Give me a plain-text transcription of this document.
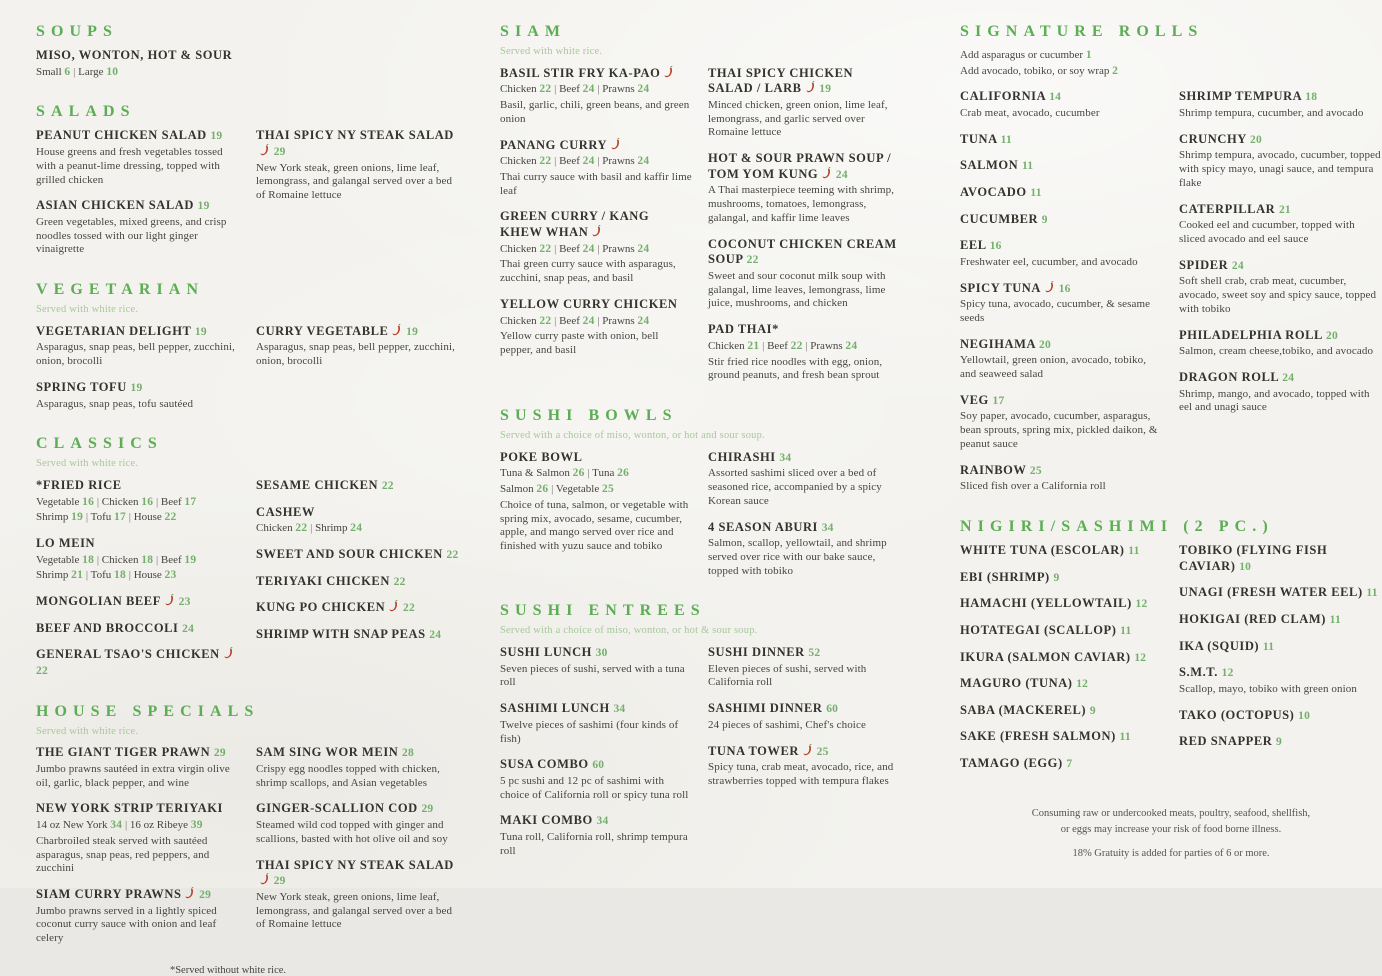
SOUPS
MISO, WONTON, HOT & SOUR

Small 6 | Large 10

SALADS
PEANUT CHICKEN SALAD 19

House greens and fresh vegetables tossed with a peanut-lime dressing, topped with grilled chicken

ASIAN CHICKEN SALAD 19

Green vegetables, mixed greens, and crisp noodles tossed with our light ginger vinaigrette

THAI SPICY NY STEAK SALAD 29

New York steak, green onions, lime leaf, lemongrass, and galangal served over a bed of Romaine lettuce

VEGETARIAN

Served with white rice.

VEGETARIAN DELIGHT 19

Asparagus, snap peas, bell pepper, zucchini, onion, brocolli

SPRING TOFU 19

Asparagus, snap peas, tofu sautéed

CURRY VEGETABLE 19

Asparagus, snap peas, bell pepper, zucchini, onion, brocolli

CLASSICS

Served with white rice.

*FRIED RICE

Vegetable 16 | Chicken 16 | Beef 17

Shrimp 19 | Tofu 17 | House 22

LO MEIN

Vegetable 18 | Chicken 18 | Beef 19

Shrimp 21 | Tofu 18 | House 23

MONGOLIAN BEEF 23
BEEF AND BROCCOLI 24
GENERAL TSAO'S CHICKEN 22
SESAME CHICKEN 22
CASHEW

Chicken 22 | Shrimp 24

SWEET AND SOUR CHICKEN 22
TERIYAKI CHICKEN 22
KUNG PO CHICKEN 22
SHRIMP WITH SNAP PEAS 24
HOUSE SPECIALS

Served with white rice.

THE GIANT TIGER PRAWN 29

Jumbo prawns sautéed in extra virgin olive oil, garlic, black pepper, and wine

NEW YORK STRIP TERIYAKI

14 oz New York 34 | 16 oz Ribeye 39

Charbroiled steak served with sautéed asparagus, snap peas, red peppers, and zucchini

SIAM CURRY PRAWNS 29

Jumbo prawns served in a lightly spiced coconut curry sauce with onion and leaf celery

SAM SING WOR MEIN 28

Crispy egg noodles topped with chicken, shrimp scallops, and Asian vegetables

GINGER-SCALLION COD 29

Steamed wild cod topped with ginger and scallions, basted with hot olive oil and soy

THAI SPICY NY STEAK SALAD 29

New York steak, green onions, lime leaf, lemongrass, and galangal served over a bed of Romaine lettuce

*Served without white rice.

SIAM

Served with white rice.

BASIL STIR FRY KA-PAO

Chicken 22 | Beef 24 | Prawns 24

Basil, garlic, chili, green beans, and green onion

PANANG CURRY

Chicken 22 | Beef 24 | Prawns 24

Thai curry sauce with basil and kaffir lime leaf

GREEN CURRY / KANG KHEW WHAN

Chicken 22 | Beef 24 | Prawns 24

Thai green curry sauce with asparagus, zucchini, snap peas, and basil

YELLOW CURRY CHICKEN

Chicken 22 | Beef 24 | Prawns 24

Yellow curry paste with onion, bell pepper, and basil

THAI SPICY CHICKEN SALAD / LARB 19

Minced chicken, green onion, lime leaf, lemongrass, and garlic served over Romaine lettuce

HOT & SOUR PRAWN SOUP / TOM YOM KUNG 24

A Thai masterpiece teeming with shrimp, mushrooms, tomatoes, lemongrass, galangal, and kaffir lime leaves

COCONUT CHICKEN CREAM SOUP 22

Sweet and sour coconut milk soup with galangal, lime leaves, lemongrass, lime juice, mushrooms, and chicken

PAD THAI*

Chicken 21 | Beef 22 | Prawns 24

Stir fried rice noodles with egg, onion, ground peanuts, and fresh bean sprout

SUSHI BOWLS

Served with a choice of miso, wonton, or hot and sour soup.

POKE BOWL

Tuna & Salmon 26 | Tuna 26

Salmon 26 | Vegetable 25

Choice of tuna, salmon, or vegetable with spring mix, avocado, sesame, cucumber, apple, and mango served over rice and finished with yuzu sauce and tobiko

CHIRASHI 34

Assorted sashimi sliced over a bed of seasoned rice, accompanied by a spicy Korean sauce

4 SEASON ABURI 34

Salmon, scallop, yellowtail, and shrimp served over rice with our bake sauce, topped with tobiko

SUSHI ENTREES

Served with a choice of miso, wonton, or hot & sour soup.

SUSHI LUNCH 30

Seven pieces of sushi, served with a tuna roll

SASHIMI LUNCH 34

Twelve pieces of sashimi (four kinds of fish)

SUSA COMBO 60

5 pc sushi and 12 pc of sashimi with choice of California roll or spicy tuna roll

MAKI COMBO 34

Tuna roll, California roll, shrimp tempura roll

SUSHI DINNER 52

Eleven pieces of sushi, served with California roll

SASHIMI DINNER 60

24 pieces of sashimi, Chef's choice

TUNA TOWER 25

Spicy tuna, crab meat, avocado, rice, and strawberries topped with tempura flakes

SIGNATURE ROLLS

Add asparagus or cucumber 1

Add avocado, tobiko, or soy wrap 2

CALIFORNIA 14

Crab meat, avocado, cucumber

TUNA 11
SALMON 11
AVOCADO 11
CUCUMBER 9
EEL 16

Freshwater eel, cucumber, and avocado

SPICY TUNA 16

Spicy tuna, avocado, cucumber, & sesame seeds

NEGIHAMA 20

Yellowtail, green onion, avocado, tobiko, and seaweed salad

VEG 17

Soy paper, avocado, cucumber, asparagus, bean sprouts, spring mix, pickled daikon, & peanut sauce

RAINBOW 25

Sliced fish over a California roll

SHRIMP TEMPURA 18

Shrimp tempura, cucumber, and avocado

CRUNCHY 20

Shrimp tempura, avocado, cucumber, topped with spicy mayo, unagi sauce, and tempura flake

CATERPILLAR 21

Cooked eel and cucumber, topped with sliced avocado and eel sauce

SPIDER 24

Soft shell crab, crab meat, cucumber, avocado, sweet soy and spicy sauce, topped with tobiko

PHILADELPHIA ROLL 20

Salmon, cream cheese,tobiko, and avocado

DRAGON ROLL 24

Shrimp, mango, and avocado, topped with eel and unagi sauce

NIGIRI/SASHIMI (2 PC.)
WHITE TUNA (ESCOLAR) 11
EBI (SHRIMP) 9
HAMACHI (YELLOWTAIL) 12
HOTATEGAI (SCALLOP) 11
IKURA (SALMON CAVIAR) 12
MAGURO (TUNA) 12
SABA (MACKEREL) 9
SAKE (FRESH SALMON) 11
TAMAGO (EGG) 7
TOBIKO (FLYING FISH CAVIAR) 10
UNAGI (FRESH WATER EEL) 11
HOKIGAI (RED CLAM) 11
IKA (SQUID) 11
S.M.T. 12

Scallop, mayo, tobiko with green onion

TAKO (OCTOPUS) 10
RED SNAPPER 9
Consuming raw or undercooked meats, poultry, seafood, shellfish,
or eggs may increase your risk of food borne illness.
18% Gratuity is added for parties of 6 or more.
